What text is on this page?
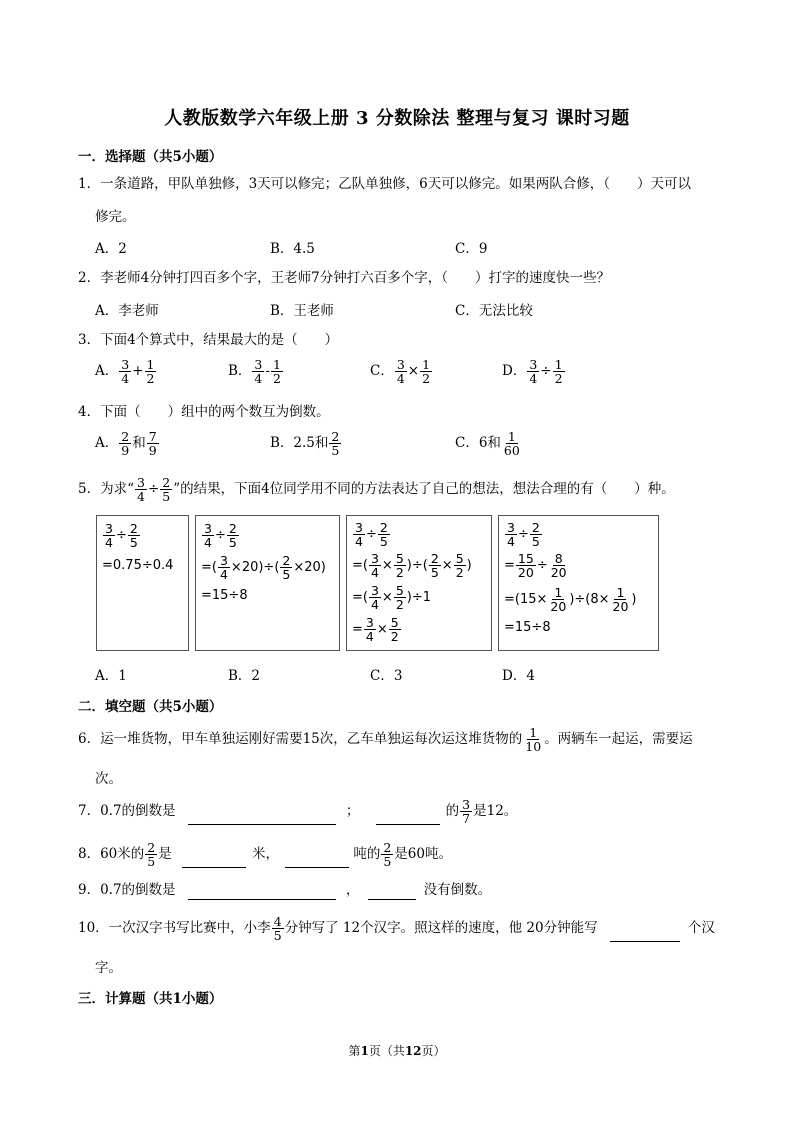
人教版数学六年级上册 3 分数除法 整理与复习 课时习题
一．选择题（共5小题）
1．一条道路，甲队单独修，3天可以修完；乙队单独修，6天可以修完。如果两队合修，（　　）天可以
修完。
A．2	B．4.5	C．9
2．李老师4分钟打四百多个字，王老师7分钟打六百多个字，（　　）打字的速度快一些？
A．李老师	B．王老师	C．无法比较
3．下面4个算式中，结果最大的是（　　）
A． $\frac{3}{4} + \frac{1}{2}$	B． $\frac{3}{4} - \frac{1}{2}$	C． $\frac{3}{4} \times \frac{1}{2}$	D． $\frac{3}{4} \div \frac{1}{2}$
4．下面（　　）组中的两个数互为倒数。
A． $\frac{2}{9}$ 和 $\frac{7}{9}$	B．2.5和 $\frac{2}{5}$	C．6和 $\frac{1}{60}$
5．为求“ $\frac{3}{4} \div \frac{2}{5}$ ”的结果，下面4位同学用不同的方法表达了自己的想法，想法合理的有（　　）种。
$\frac{3}{4} \div \frac{2}{5}$
=0.75÷0.4
$\frac{3}{4} \div \frac{2}{5}$
=( $\frac{3}{4} \times 20)\div( \frac{2}{5} \times 20)$
=15÷8
$\frac{3}{4} \div \frac{2}{5}$
=( $\frac{3}{4} \times \frac{5}{2}$ )÷( $\frac{2}{5} \times \frac{5}{2}$ )
=( $\frac{3}{4} \times \frac{5}{2} )\div 1$
= $\frac{3}{4} \times \frac{5}{2}$
$\frac{3}{4} \div \frac{2}{5}$
= $\frac{15}{20} \div \frac{8}{20}$
$=(15\times \frac{1}{20} )\div(8\times \frac{1}{20}$ )
=15÷8
A．1	B．2	C．3	D．4
二．填空题（共5小题）
6．运一堆货物，甲车单独运刚好需要15次，乙车单独运每次运这堆货物的 $\frac{1}{10}$ 。两辆车一起运，需要运
次。
7．0.7的倒数是	；	的 $\frac{3}{7}$ 是12。
8．60米的 $\frac{2}{5}$ 是	米，	吨的 $\frac{2}{5}$ 是60吨。
9．0.7的倒数是	，	没有倒数。
10．一次汉字书写比赛中，小李 $\frac{4}{5}$ 分钟写了 12个汉字。照这样的速度，他 20分钟能写	个汉
字。
三．计算题（共1小题）
第1页（共12页）
